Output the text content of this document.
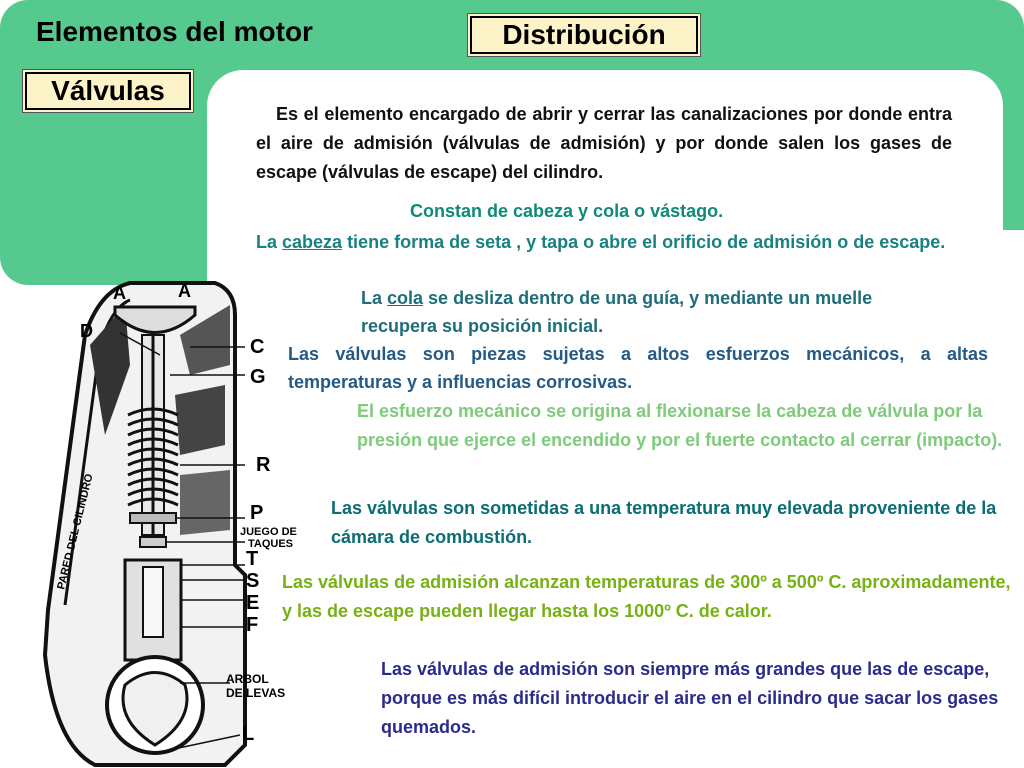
Elementos del motor	Distribución
Válvulas
Es el elemento encargado de abrir y cerrar las canalizaciones por donde entra el aire de admisión (válvulas de admisión) y por donde salen los gases de escape (válvulas de escape) del cilindro.
Constan de cabeza y cola o vástago.
La cabeza tiene forma de seta , y tapa o abre el orificio de admisión o de escape.
La cola se desliza dentro de una guía, y mediante un muelle recupera su posición inicial.
Las válvulas son piezas sujetas a altos esfuerzos mecánicos, a altas temperaturas y a influencias corrosivas.
El esfuerzo mecánico se origina al flexionarse la cabeza de válvula por la presión que ejerce el encendido y por el fuerte contacto al cerrar (impacto).
Las válvulas son sometidas a una temperatura muy elevada proveniente de la cámara de combustión.
Las válvulas de admisión alcanzan temperaturas de 300º a 500º C. aproximadamente, y las de escape pueden llegar hasta los 1000º C. de calor.
Las válvulas de admisión son siempre más grandes que las de escape, porque es más difícil introducir el aire en el cilindro que sacar los gases quemados.
A	A
D
C
G
R
P
JUEGO DE
TAQUES
T
S
E
F
ARBOL
DE LEVAS
L
PARED DEL CILINDRO
